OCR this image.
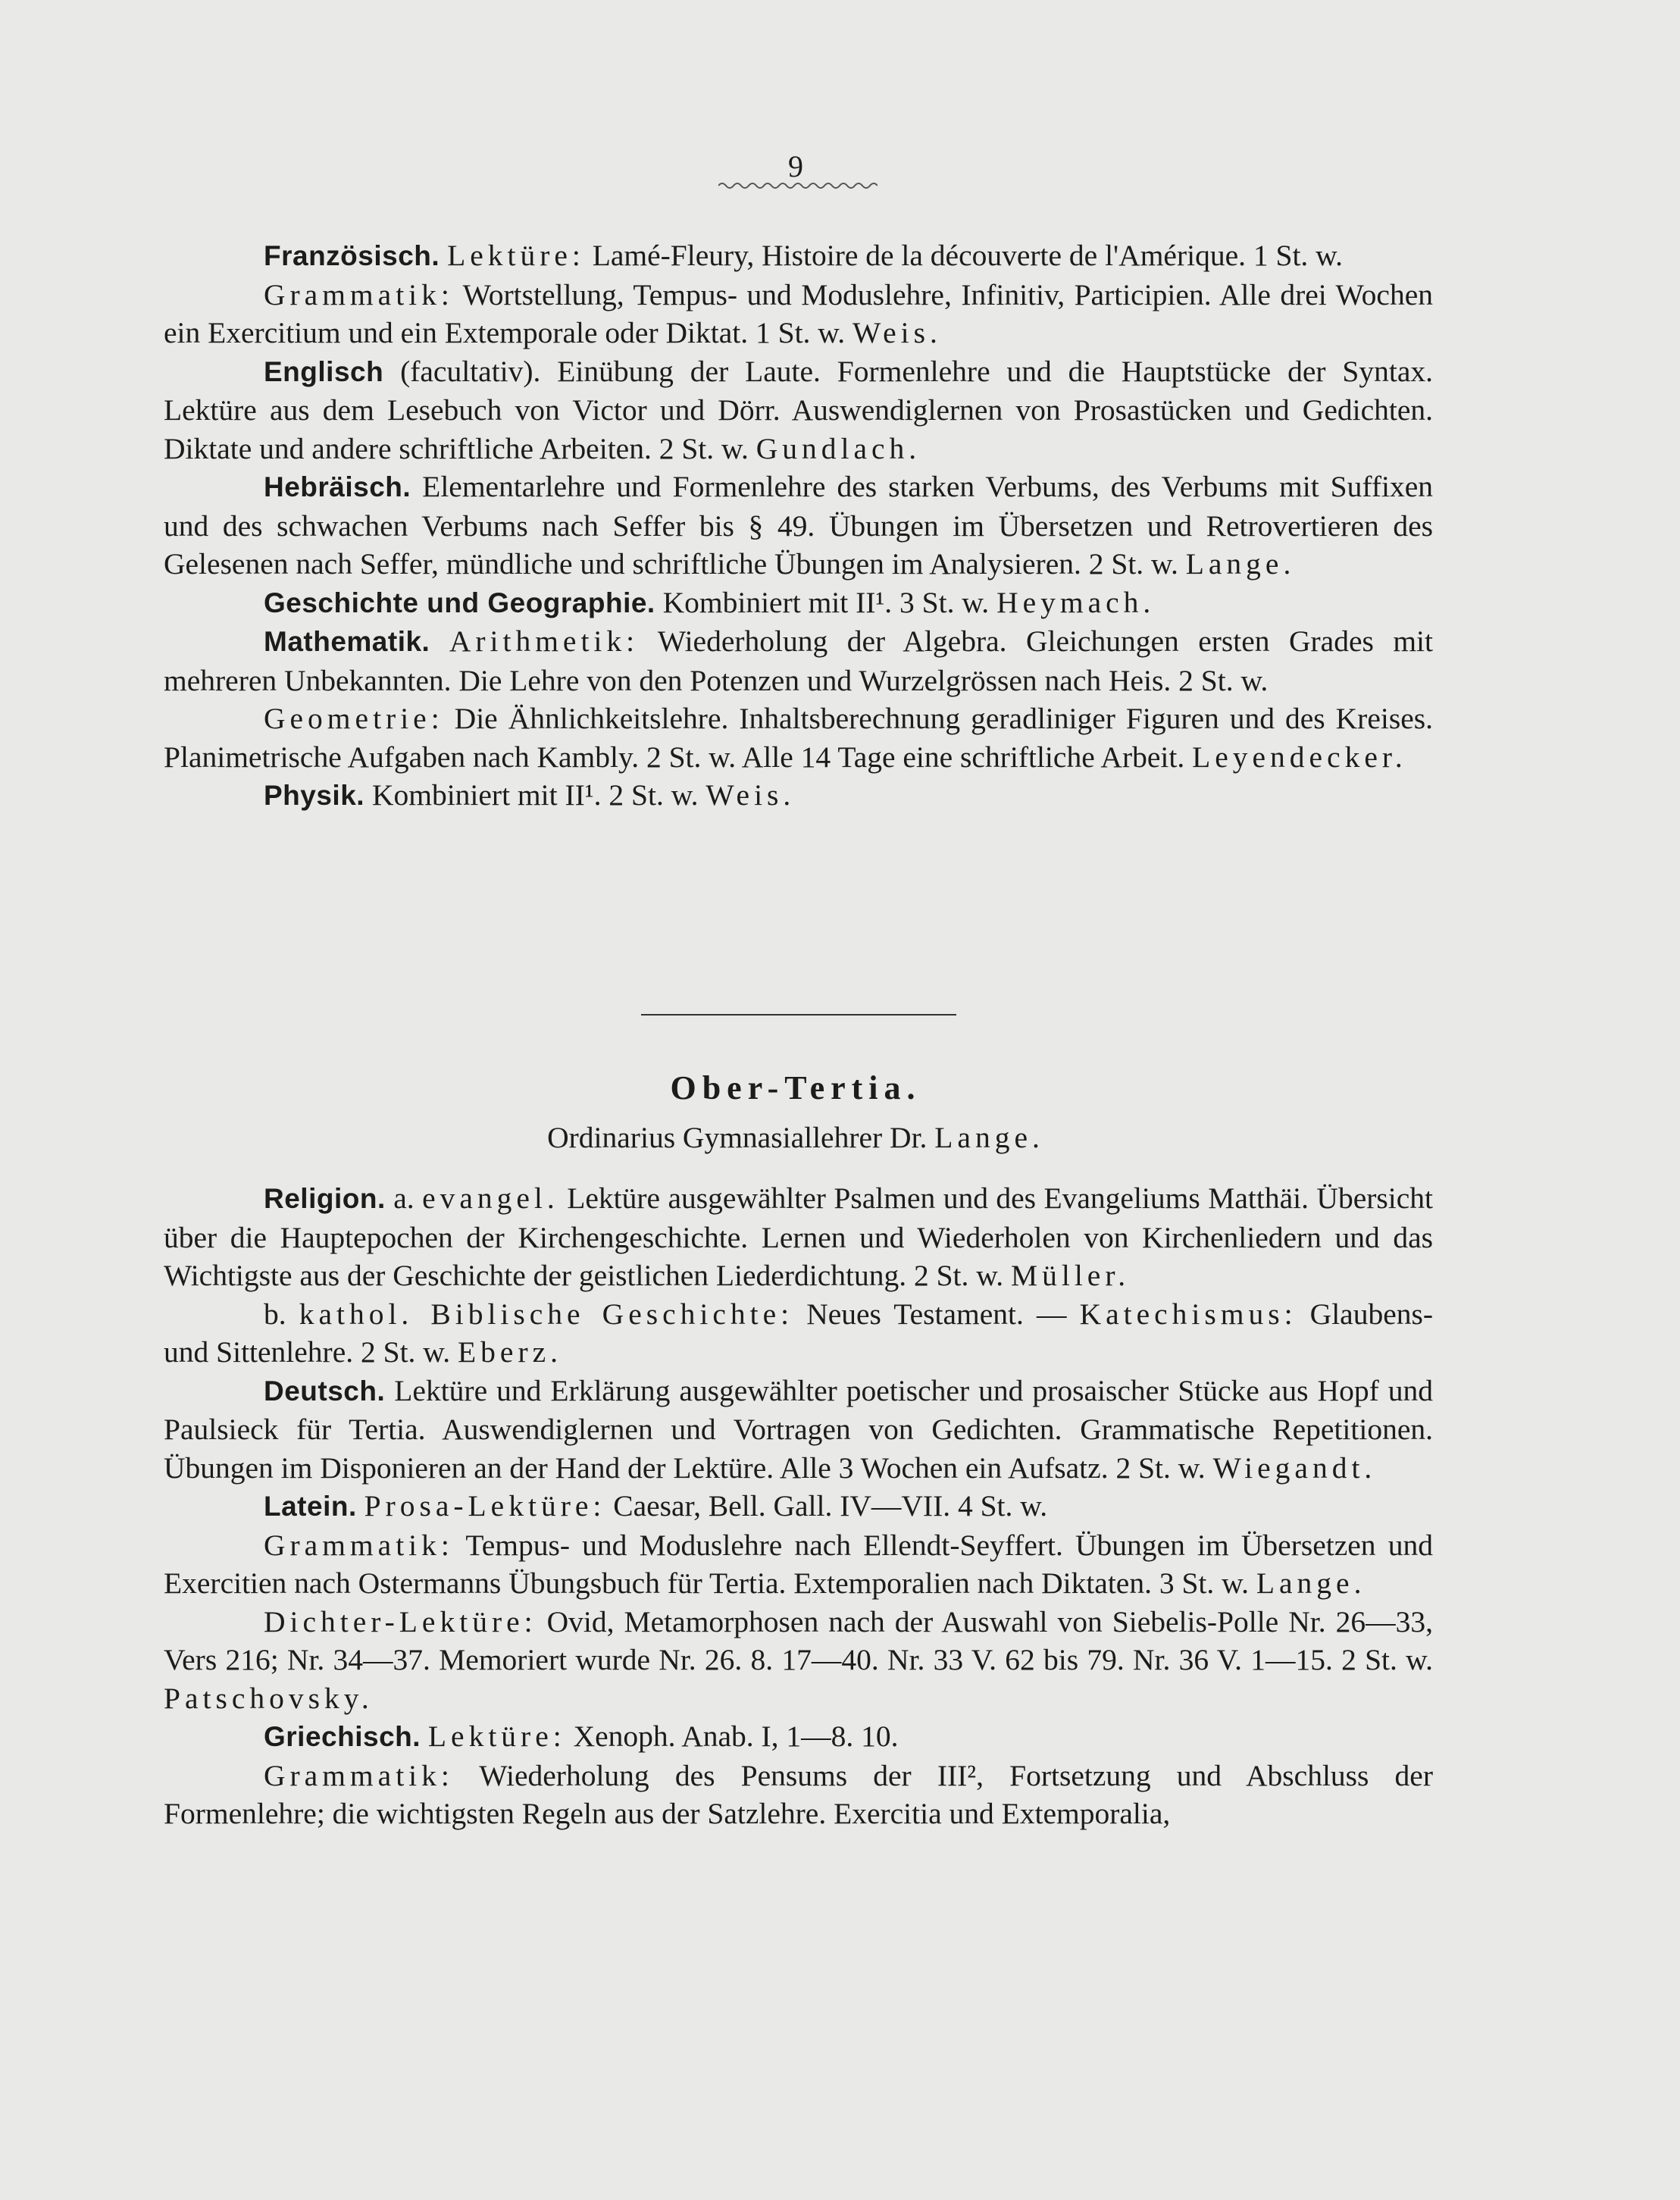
9

Französisch. Lektüre: Lamé-Fleury, Histoire de la découverte de l'Amérique. 1 St. w.

Grammatik: Wortstellung, Tempus- und Moduslehre, Infinitiv, Participien. Alle drei Wochen ein Exercitium und ein Extemporale oder Diktat. 1 St. w. Weis.

Englisch (facultativ). Einübung der Laute. Formenlehre und die Hauptstücke der Syntax. Lektüre aus dem Lesebuch von Victor und Dörr. Auswendiglernen von Prosastücken und Gedichten. Diktate und andere schriftliche Arbeiten. 2 St. w. Gundlach.

Hebräisch. Elementarlehre und Formenlehre des starken Verbums, des Verbums mit Suffixen und des schwachen Verbums nach Seffer bis § 49. Übungen im Übersetzen und Retrovertieren des Gelesenen nach Seffer, mündliche und schriftliche Übungen im Analysieren. 2 St. w. Lange.

Geschichte und Geographie. Kombiniert mit II¹. 3 St. w. Heymach.

Mathematik. Arithmetik: Wiederholung der Algebra. Gleichungen ersten Grades mit mehreren Unbekannten. Die Lehre von den Potenzen und Wurzelgrössen nach Heis. 2 St. w.

Geometrie: Die Ähnlichkeitslehre. Inhaltsberechnung geradliniger Figuren und des Kreises. Planimetrische Aufgaben nach Kambly. 2 St. w. Alle 14 Tage eine schriftliche Arbeit. Leyendecker.

Physik. Kombiniert mit II¹. 2 St. w. Weis.

Ober-Tertia.
Ordinarius Gymnasiallehrer Dr. Lange.

Religion. a. evangel. Lektüre ausgewählter Psalmen und des Evangeliums Matthäi. Übersicht über die Hauptepochen der Kirchengeschichte. Lernen und Wiederholen von Kirchenliedern und das Wichtigste aus der Geschichte der geistlichen Liederdichtung. 2 St. w. Müller.

b. kathol. Biblische Geschichte: Neues Testament. — Katechismus: Glaubens- und Sittenlehre. 2 St. w. Eberz.

Deutsch. Lektüre und Erklärung ausgewählter poetischer und prosaischer Stücke aus Hopf und Paulsieck für Tertia. Auswendiglernen und Vortragen von Gedichten. Grammatische Repetitionen. Übungen im Disponieren an der Hand der Lektüre. Alle 3 Wochen ein Aufsatz. 2 St. w. Wiegandt.

Latein. Prosa-Lektüre: Caesar, Bell. Gall. IV—VII. 4 St. w.

Grammatik: Tempus- und Moduslehre nach Ellendt-Seyffert. Übungen im Übersetzen und Exercitien nach Ostermanns Übungsbuch für Tertia. Extemporalien nach Diktaten. 3 St. w. Lange.

Dichter-Lektüre: Ovid, Metamorphosen nach der Auswahl von Siebelis-Polle Nr. 26—33, Vers 216; Nr. 34—37. Memoriert wurde Nr. 26. 8. 17—40. Nr. 33 V. 62 bis 79. Nr. 36 V. 1—15. 2 St. w. Patschovsky.

Griechisch. Lektüre: Xenoph. Anab. I, 1—8. 10.

Grammatik: Wiederholung des Pensums der III², Fortsetzung und Abschluss der Formenlehre; die wichtigsten Regeln aus der Satzlehre. Exercitia und Extemporalia,
